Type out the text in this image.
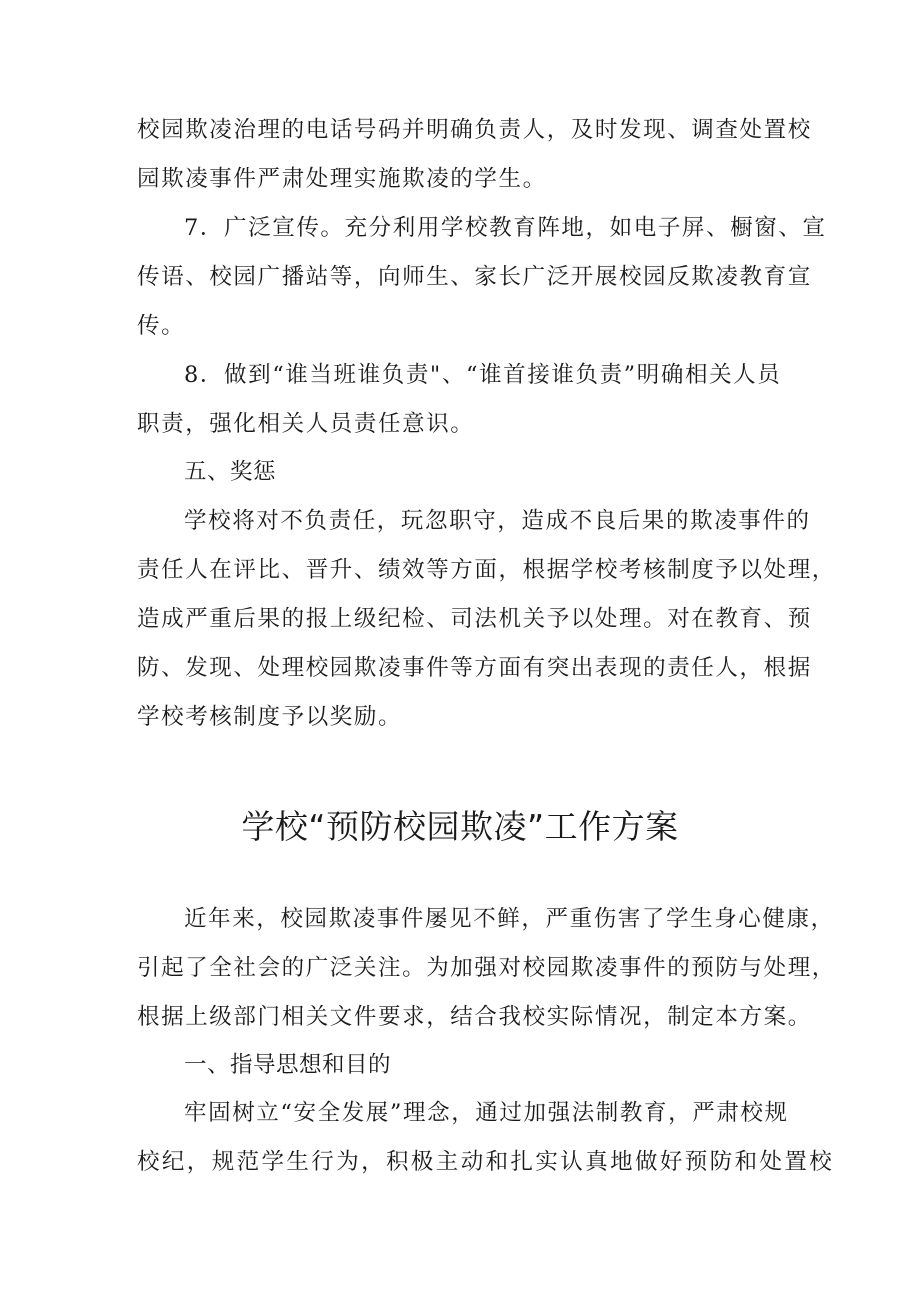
校园欺凌治理的电话号码并明确负责人，及时发现、调查处置校
园欺凌事件严肃处理实施欺凌的学生。
7．广泛宣传。充分利用学校教育阵地，如电子屏、橱窗、宣
传语、校园广播站等，向师生、家长广泛开展校园反欺凌教育宣
传。
8．做到“谁当班谁负责"、“谁首接谁负责”明确相关人员
职责，强化相关人员责任意识。
五、奖惩
学校将对不负责任，玩忽职守，造成不良后果的欺凌事件的
责任人在评比、晋升、绩效等方面，根据学校考核制度予以处理，
造成严重后果的报上级纪检、司法机关予以处理。对在教育、预
防、发现、处理校园欺凌事件等方面有突出表现的责任人，根据
学校考核制度予以奖励。
学校“预防校园欺凌”工作方案
近年来，校园欺凌事件屡见不鲜，严重伤害了学生身心健康，
引起了全社会的广泛关注。为加强对校园欺凌事件的预防与处理，
根据上级部门相关文件要求，结合我校实际情况，制定本方案。
一、指导思想和目的
牢固树立“安全发展”理念，通过加强法制教育，严肃校规
校纪，规范学生行为，积极主动和扎实认真地做好预防和处置校
